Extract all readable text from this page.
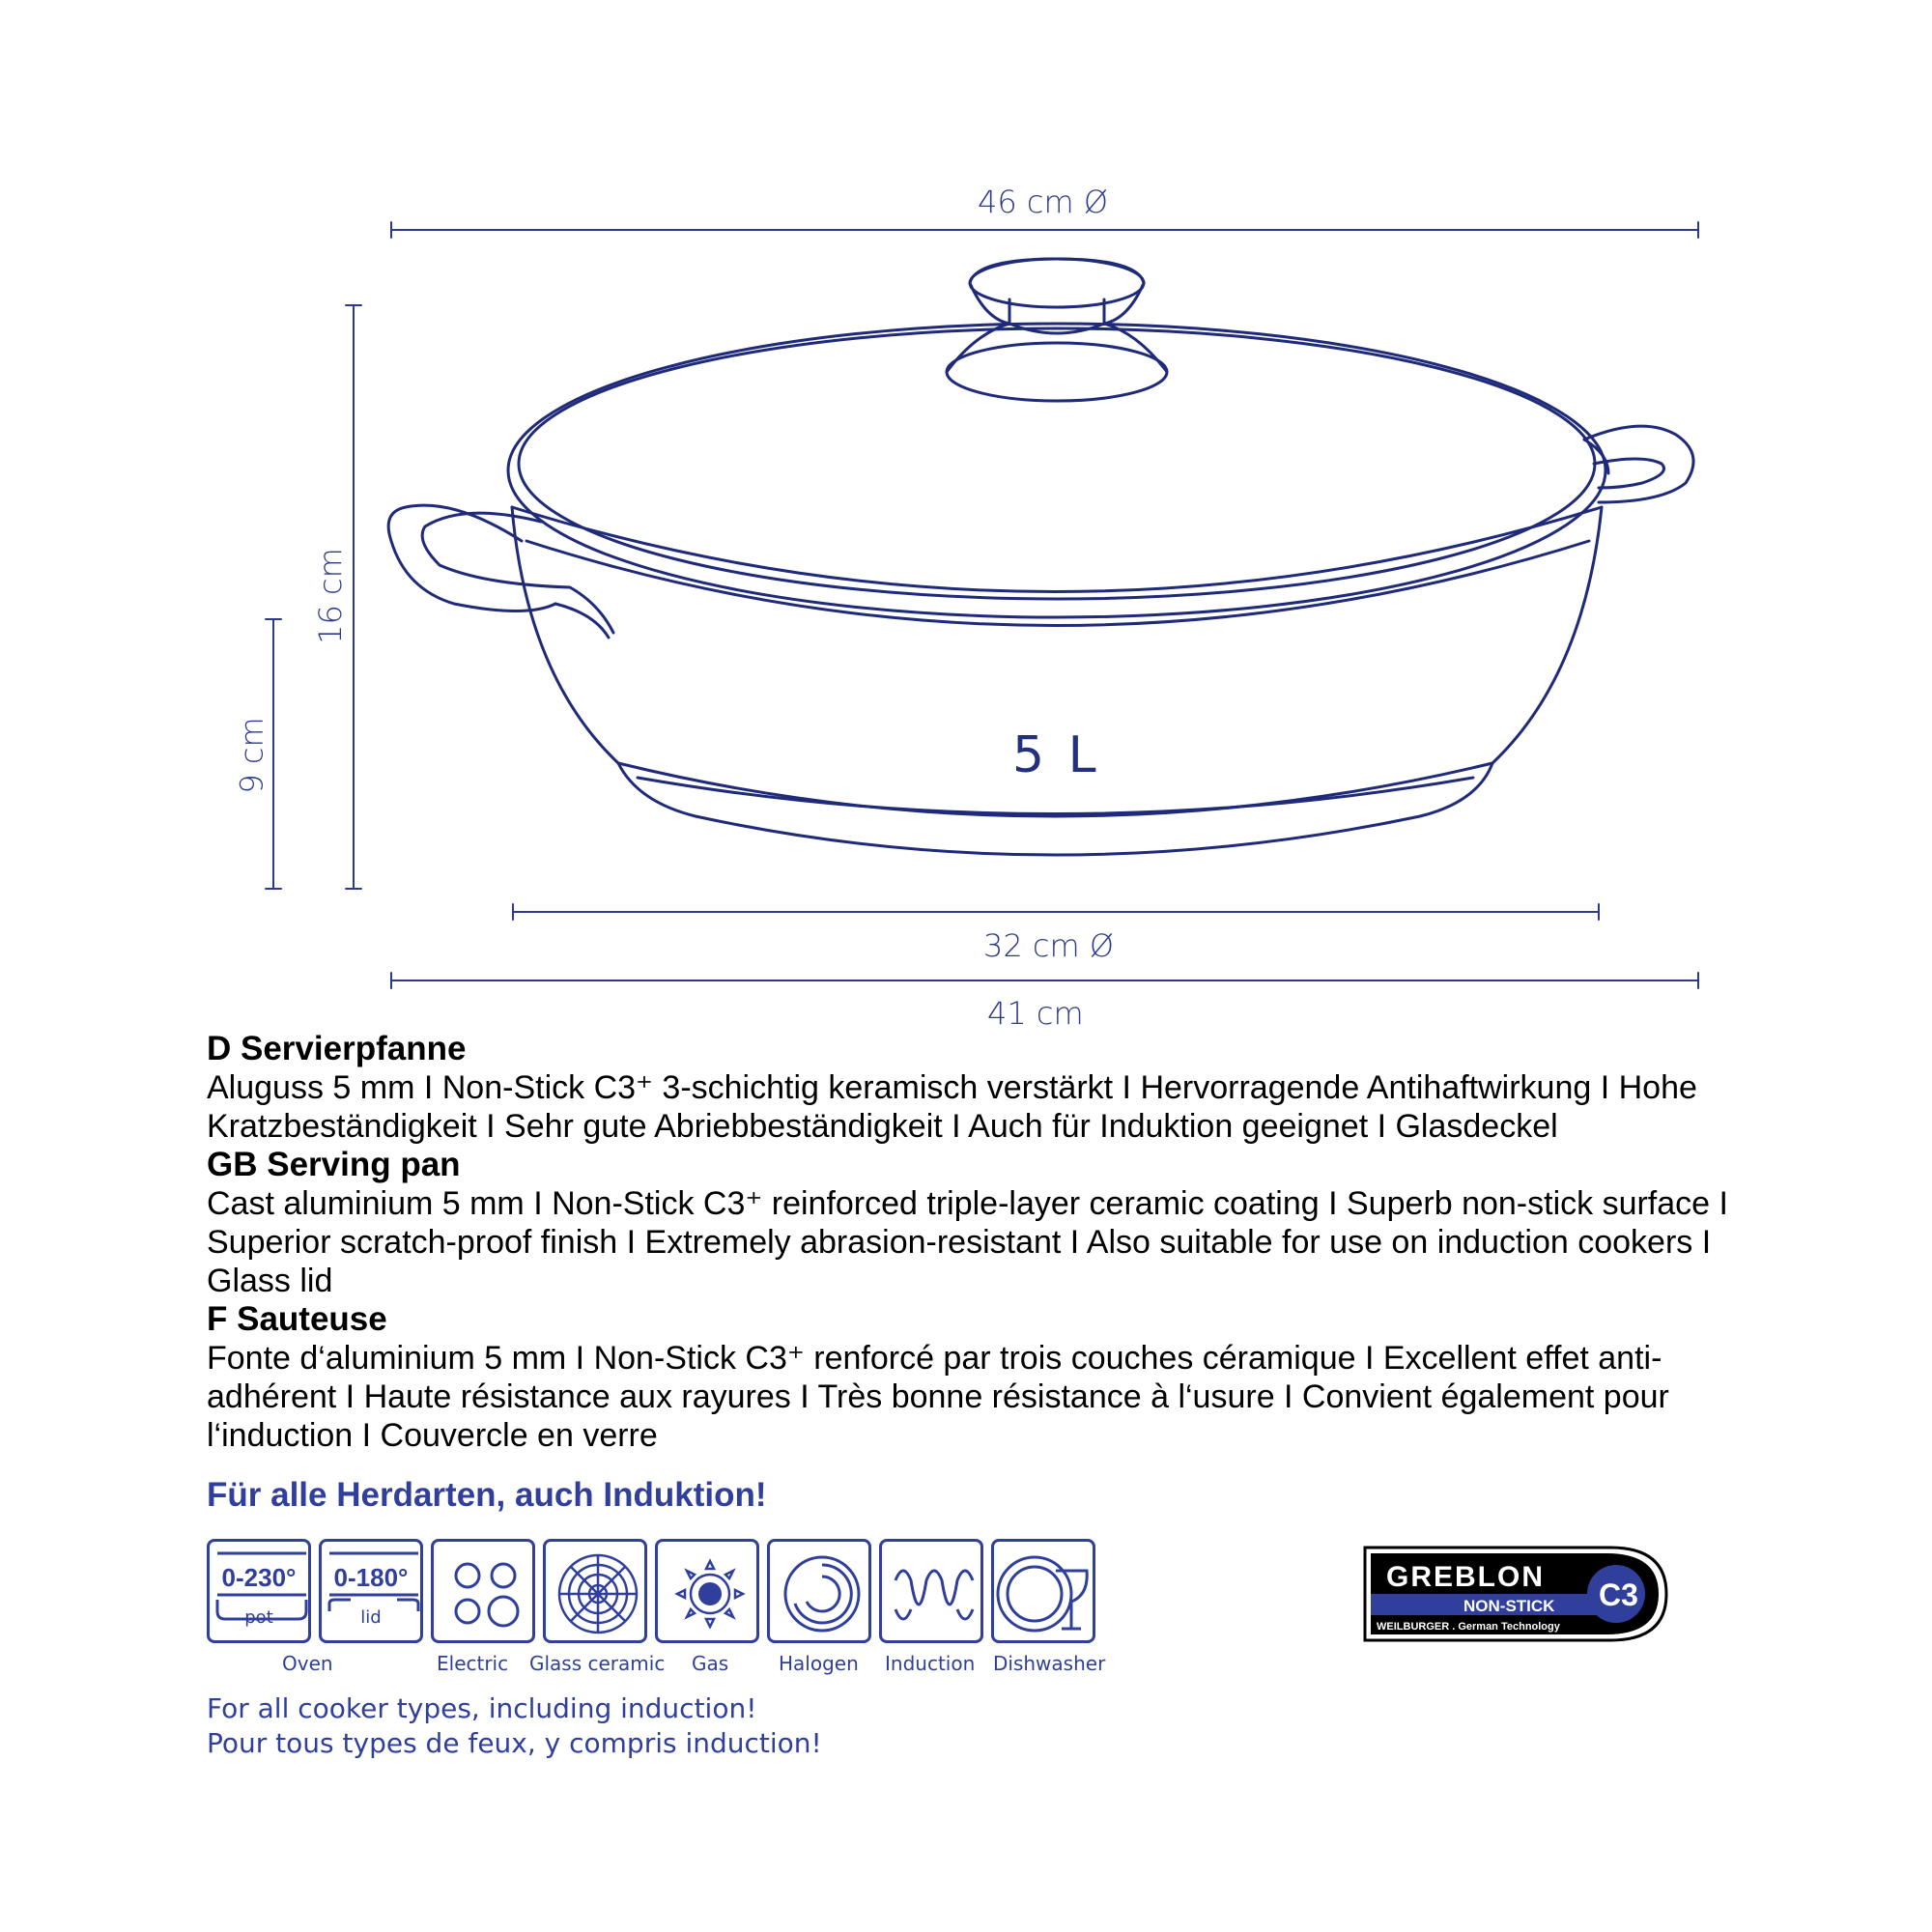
46 cm Ø
16 cm
9 cm
32 cm Ø
41 cm
5 L
D Servierpfanne
Aluguss 5 mm I Non-Stick C3⁺ 3-schichtig keramisch verstärkt I Hervorragende Antihaftwirkung I Hohe Kratzbeständigkeit I Sehr gute Abriebbeständigkeit I Auch für Induktion geeignet I Glasdeckel
GB Serving pan
Cast aluminium 5 mm I Non-Stick C3⁺ reinforced triple-layer ceramic coating I Superb non-stick surface I Superior scratch-proof finish I Extremely abrasion-resistant I Also suitable for use on induction cookers I Glass lid
F Sauteuse
Fonte d‘aluminium 5 mm I Non-Stick C3⁺ renforcé par trois couches céramique I Excellent effet anti-adhérent I Haute résistance aux rayures I Très bonne résistance à l‘usure I Convient également pour l‘induction I Couvercle en verre
Für alle Herdarten, auch Induktion!
0-230°
pot
0-180°
lid
Oven	Electric Glass ceramic Gas	Halogen Induction Dishwasher
GREBLON
C3
NON-STICK
WEILBURGER . German Technology
For all cooker types, including induction!
Pour tous types de feux, y compris induction!
